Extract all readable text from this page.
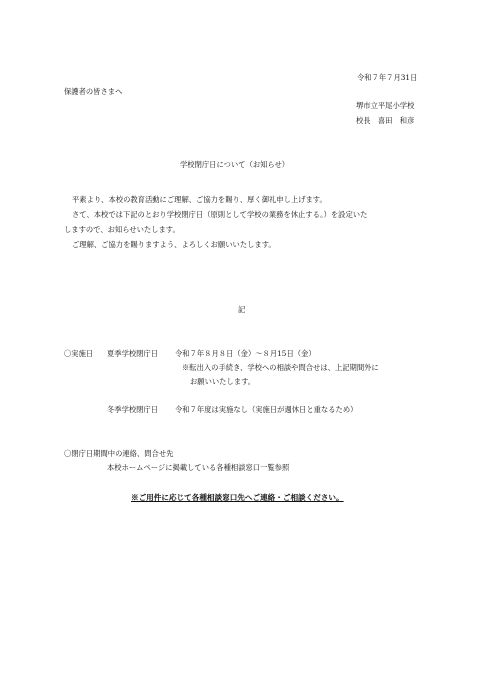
令和７年７月31日
保護者の皆さまへ
堺市立平尾小学校
校長　喜田　和彦
学校閉庁日について（お知らせ）
平素より、本校の教育活動にご理解、ご協力を賜り、厚く御礼申し上げます。
さて、本校では下記のとおり学校閉庁日（原則として学校の業務を休止する。）を設定いた
しますので、お知らせいたします。
ご理解、ご協力を賜りますよう、よろしくお願いいたします。
記
〇実施日 夏季学校閉庁日 令和７年８月８日（金）～８月15日（金）
※転出入の手続き、学校への相談や問合せは、上記期間外に
お願いいたします。
冬季学校閉庁日 令和７年度は実施なし（実施日が週休日と重なるため）
〇閉庁日期間中の連絡、問合せ先
本校ホームページに掲載している各種相談窓口一覧参照
※ご用件に応じて各種相談窓口先へご連絡・ご相談ください。
